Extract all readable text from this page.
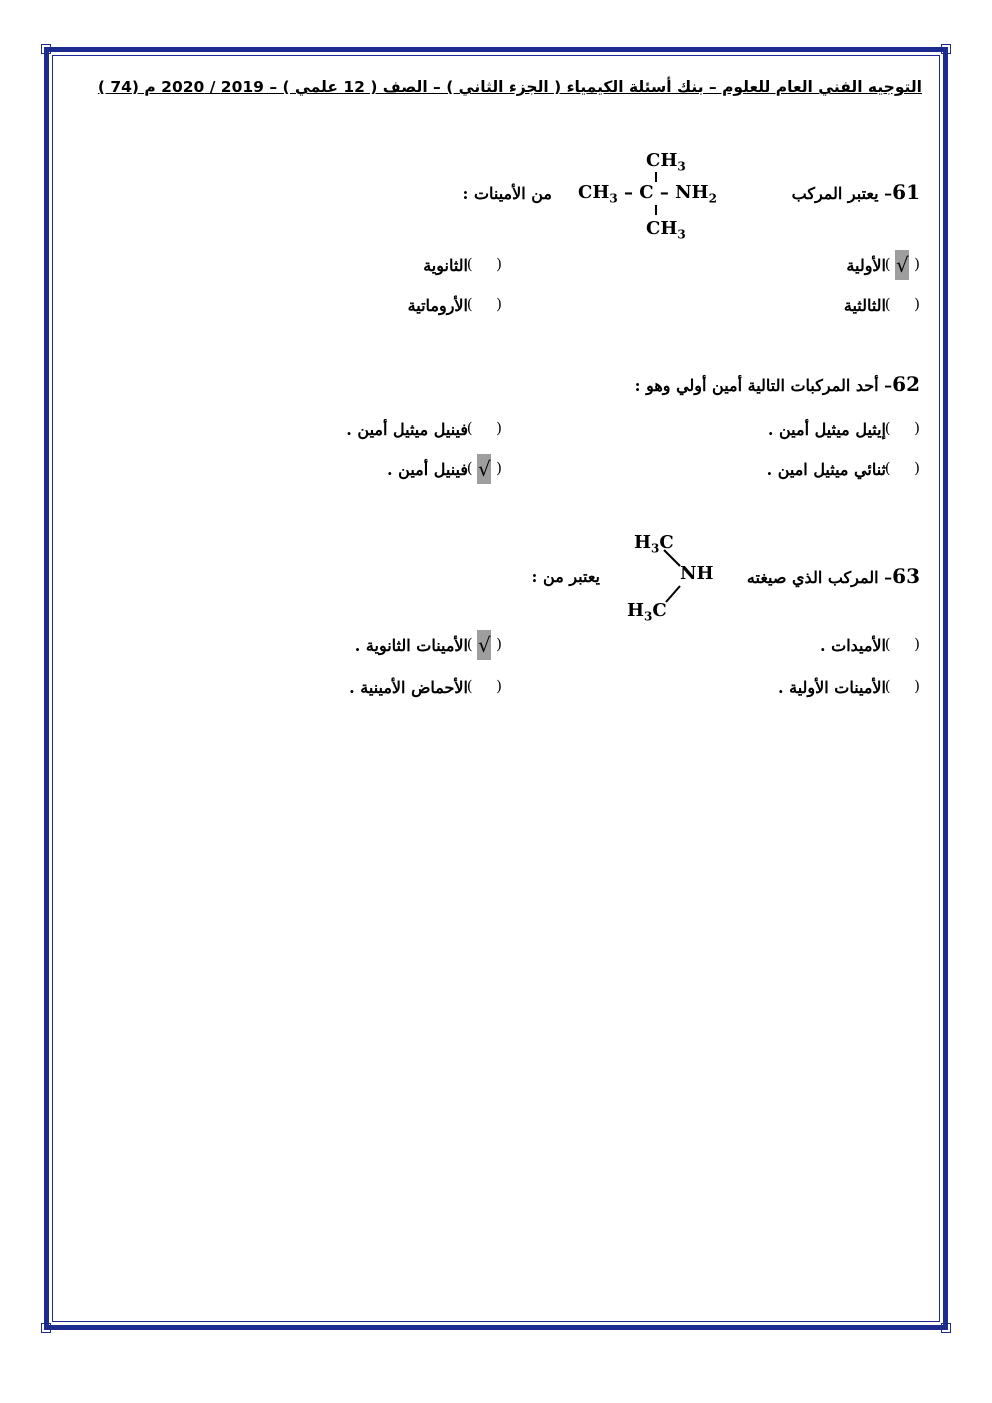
التوجيه الفني العام للعلوم – بنك أسئلة الكيمياء ( الجزء الثاني ) – الصف ( 12 علمي ) – 2019 / 2020 م (74 )
61– يعتبر المركب
من الأمينات :
$CH_3$
$CH_3$ – C – $NH_2$
$CH_3$
( √ )
الأولية
(  )
الثانوية
(  )
الثالثية
(  )
الأروماتية
62– أحد المركبات التالية أمين أولي وهو :
(  )
إيثيل ميثيل أمين .
(  )
فينيل ميثيل أمين .
(  )
ثنائي ميثيل امين .
( √ )
فينيل أمين .
63– المركب الذي صيغته
يعتبر من :
$H_3C$
NH
$H_3C$
(  )
الأميدات .
( √ )
الأمينات الثانوية .
(  )
الأمينات الأولية .
(  )
الأحماض الأمينية .
